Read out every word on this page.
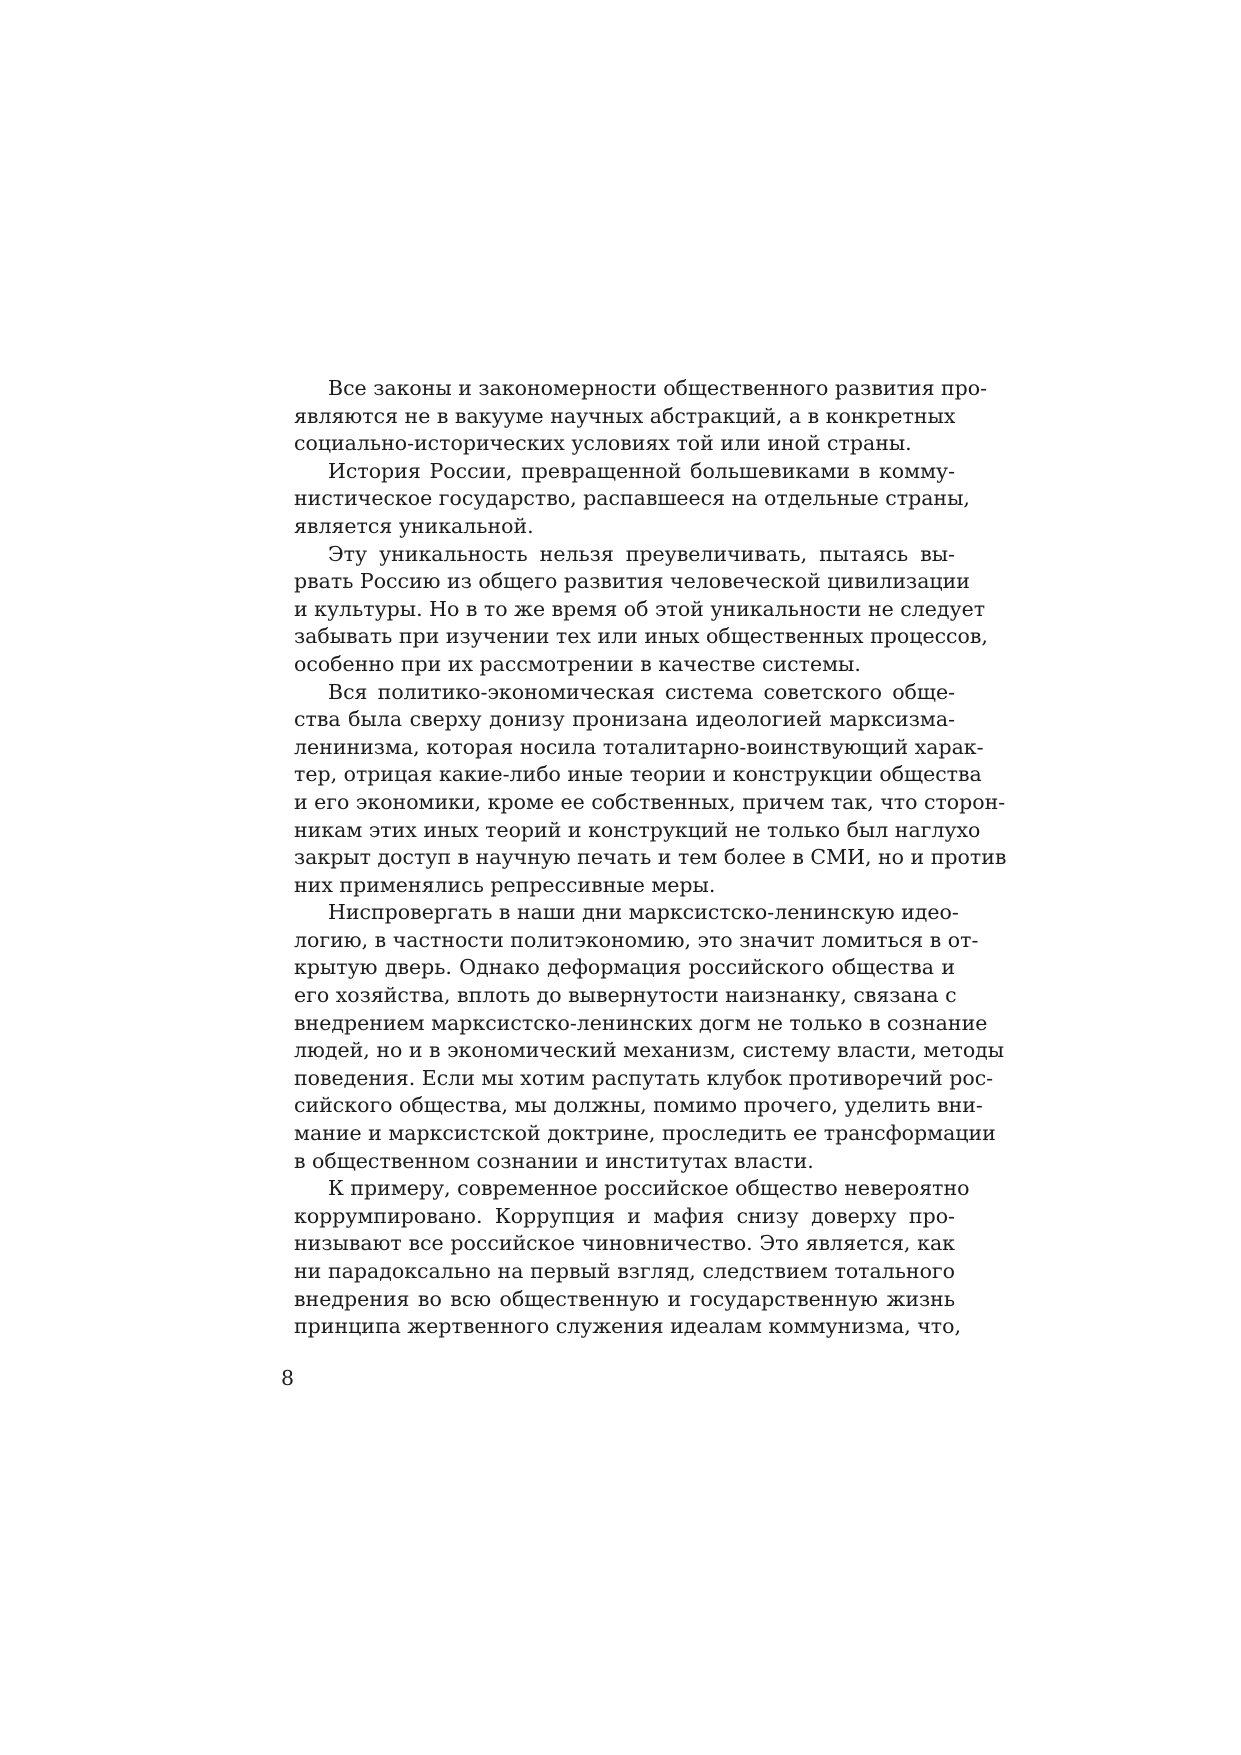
Все законы и закономерности общественного развития про-
являются не в вакууме научных абстракций, а в конкретных
социально-исторических условиях той или иной страны.
История России, превращенной большевиками в комму-
нистическое государство, распавшееся на отдельные страны,
является уникальной.
Эту уникальность нельзя преувеличивать, пытаясь вы-
рвать Россию из общего развития человеческой цивилизации
и культуры. Но в то же время об этой уникальности не следует
забывать при изучении тех или иных общественных процессов,
особенно при их рассмотрении в качестве системы.
Вся политико-экономическая система советского обще-
ства была сверху донизу пронизана идеологией марксизма-
ленинизма, которая носила тоталитарно-воинствующий харак-
тер, отрицая какие-либо иные теории и конструкции общества
и его экономики, кроме ее собственных, причем так, что сторон-
никам этих иных теорий и конструкций не только был наглухо
закрыт доступ в научную печать и тем более в СМИ, но и против
них применялись репрессивные меры.
Ниспровергать в наши дни марксистско-ленинскую идео-
логию, в частности политэкономию, это значит ломиться в от-
крытую дверь. Однако деформация российского общества и
его хозяйства, вплоть до вывернутости наизнанку, связана с
внедрением марксистско-ленинских догм не только в сознание
людей, но и в экономический механизм, систему власти, методы
поведения. Если мы хотим распутать клубок противоречий рос-
сийского общества, мы должны, помимо прочего, уделить вни-
мание и марксистской доктрине, проследить ее трансформации
в общественном сознании и институтах власти.
К примеру, современное российское общество невероятно
коррумпировано. Коррупция и мафия снизу доверху про-
низывают все российское чиновничество. Это является, как
ни парадоксально на первый взгляд, следствием тотального
внедрения во всю общественную и государственную жизнь
принципа жертвенного служения идеалам коммунизма, что,
8
